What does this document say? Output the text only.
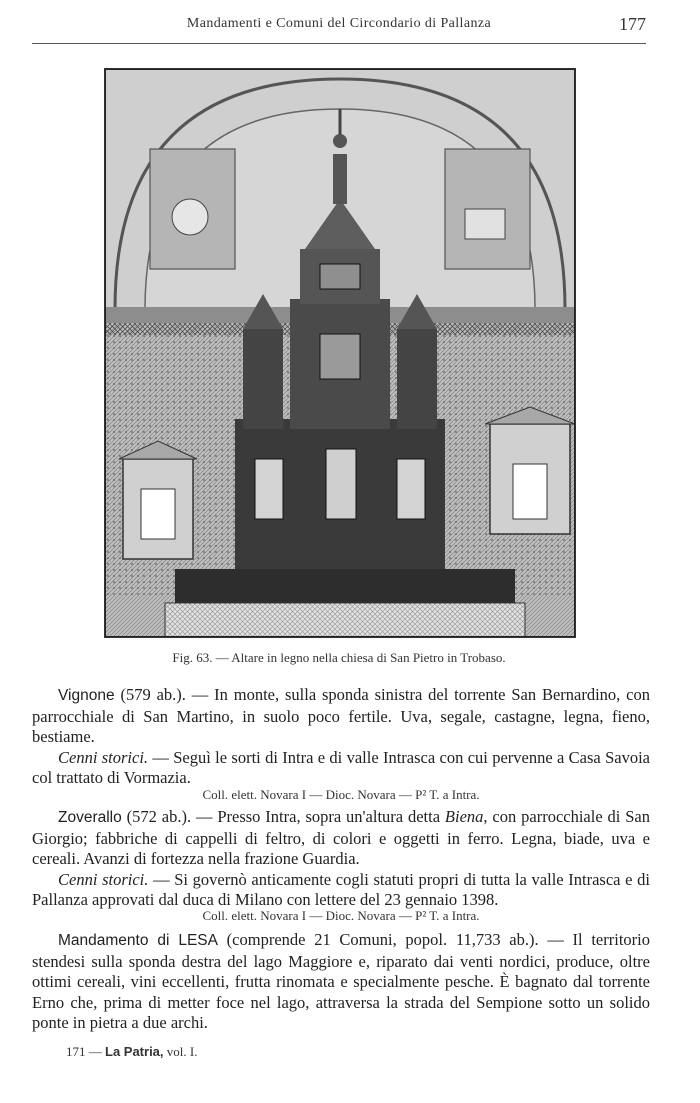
Mandamenti e Comuni del Circondario di Pallanza	177
Fig. 63. — Altare in legno nella chiesa di San Pietro in Trobaso.

Vignone (579 ab.). — In monte, sulla sponda sinistra del torrente San Bernardino, con parrocchiale di San Martino, in suolo poco fertile. Uva, segale, castagne, legna, fieno, bestiame.

Cenni storici. — Seguì le sorti di Intra e di valle Intrasca con cui pervenne a Casa Savoia col trattato di Vormazia.

Coll. elett. Novara I — Dioc. Novara — P² T. a Intra.

Zoverallo (572 ab.). — Presso Intra, sopra un'altura detta Biena, con parrocchiale di San Giorgio; fabbriche di cappelli di feltro, di colori e oggetti in ferro. Legna, biade, uva e cereali. Avanzi di fortezza nella frazione Guardia.

Cenni storici. — Si governò anticamente cogli statuti propri di tutta la valle Intrasca e di Pallanza approvati dal duca di Milano con lettere del 23 gennaio 1398.

Coll. elett. Novara I — Dioc. Novara — P² T. a Intra.

Mandamento di LESA (comprende 21 Comuni, popol. 11,733 ab.). — Il territorio stendesi sulla sponda destra del lago Maggiore e, riparato dai venti nordici, produce, oltre ottimi cereali, vini eccellenti, frutta rinomata e specialmente pesche. È bagnato dal torrente Erno che, prima di metter foce nel lago, attraversa la strada del Sempione sotto un solido ponte in pietra a due archi.

171 — La Patria, vol. I.
